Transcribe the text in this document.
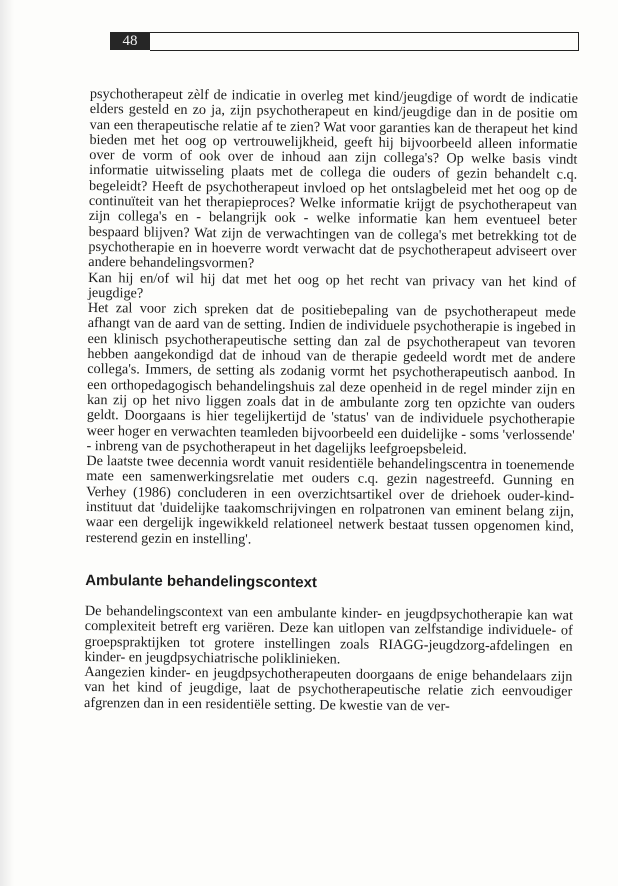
48

psychotherapeut zèlf de indicatie in overleg met kind/jeugdige of wordt de indicatie elders gesteld en zo ja, zijn psychotherapeut en kind/jeugdige dan in de positie om van een therapeutische relatie af te zien? Wat voor garanties kan de therapeut het kind bieden met het oog op vertrouwelijkheid, geeft hij bijvoorbeeld alleen informatie over de vorm of ook over de inhoud aan zijn collega's? Op welke basis vindt informatie uitwisseling plaats met de collega die ouders of gezin behandelt c.q. begeleidt? Heeft de psychotherapeut invloed op het ontslagbeleid met het oog op de continuïteit van het therapieproces? Welke informatie krijgt de psychotherapeut van zijn collega's en - belangrijk ook - welke informatie kan hem eventueel beter bespaard blijven? Wat zijn de verwachtingen van de collega's met betrekking tot de psychotherapie en in hoeverre wordt verwacht dat de psychotherapeut adviseert over andere behandelingsvormen?

Kan hij en/of wil hij dat met het oog op het recht van privacy van het kind of jeugdige?

Het zal voor zich spreken dat de positiebepaling van de psychotherapeut mede afhangt van de aard van de setting. Indien de individuele psychotherapie is ingebed in een klinisch psychotherapeutische setting dan zal de psychotherapeut van tevoren hebben aangekondigd dat de inhoud van de therapie gedeeld wordt met de andere collega's. Immers, de setting als zodanig vormt het psychotherapeutisch aanbod. In een orthopedagogisch behandelingshuis zal deze openheid in de regel minder zijn en kan zij op het nivo liggen zoals dat in de ambulante zorg ten opzichte van ouders geldt. Doorgaans is hier tegelijkertijd de 'status' van de individuele psychotherapie weer hoger en verwachten teamleden bijvoorbeeld een duidelijke - soms 'verlossende' - inbreng van de psychotherapeut in het dagelijks leefgroepsbeleid.

De laatste twee decennia wordt vanuit residentiële behandelingscentra in toenemende mate een samenwerkingsrelatie met ouders c.q. gezin nagestreefd. Gunning en Verhey (1986) concluderen in een overzichtsartikel over de driehoek ouder-kind-instituut dat 'duidelijke taakomschrijvingen en rolpatronen van eminent belang zijn, waar een dergelijk ingewikkeld relationeel netwerk bestaat tussen opgenomen kind, resterend gezin en instelling'.

Ambulante behandelingscontext

De behandelingscontext van een ambulante kinder- en jeugdpsychotherapie kan wat complexiteit betreft erg variëren. Deze kan uitlopen van zelfstandige individuele- of groepspraktijken tot grotere instellingen zoals RIAGG-jeugdzorg-afdelingen en kinder- en jeugdpsychiatrische poliklinieken.

Aangezien kinder- en jeugdpsychotherapeuten doorgaans de enige behandelaars zijn van het kind of jeugdige, laat de psychotherapeutische relatie zich eenvoudiger afgrenzen dan in een residentiële setting. De kwestie van de ver-
